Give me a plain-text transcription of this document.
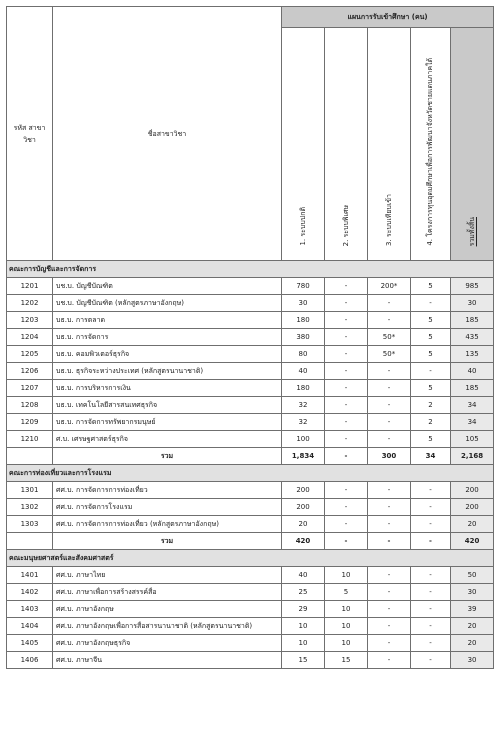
รหัส สาขา วิชา	ชื่อสาขาวิชา	แผนการรับเข้าศึกษา (คน)				
		1. ระบบปกติ	2. ระบบพิเศษ	3. ระบบเทียบเข้า	4. โครงการทุนอุดมศึกษาเพื่อการพัฒนาจังหวัดชายแดนภาคใต้	รวมทั้งสิ้น
คณะการบัญชีและการจัดการ						
1201	บช.บ. บัญชีบัณฑิต	780	-	200*	5	985
1202	บช.บ. บัญชีบัณฑิต (หลักสูตรภาษาอังกฤษ)	30	-	-	-	30
1203	บธ.บ. การตลาด	180	-	-	5	185
1204	บธ.บ. การจัดการ	380	-	50*	5	435
1205	บธ.บ. คอมพิวเตอร์ธุรกิจ	80	-	50*	5	135
1206	บธ.บ. ธุรกิจระหว่างประเทศ (หลักสูตรนานาชาติ)	40	-	-	-	40
1207	บธ.บ. การบริหารการเงิน	180	-	-	5	185
1208	บธ.บ. เทคโนโลยีสารสนเทศธุรกิจ	32	-	-	2	34
1209	บธ.บ. การจัดการทรัพยากรมนุษย์	32	-	-	2	34
1210	ศ.บ. เศรษฐศาสตร์ธุรกิจ	100	-	-	5	105
	รวม	1,834	-	300	34	2,168
คณะการท่องเที่ยวและการโรงแรม						
1301	ศศ.บ. การจัดการการท่องเที่ยว	200	-	-	-	200
1302	ศศ.บ. การจัดการโรงแรม	200	-	-	-	200
1303	ศศ.บ. การจัดการการท่องเที่ยว (หลักสูตรภาษาอังกฤษ)	20	-	-	-	20
	รวม	420	-	-	-	420
คณะมนุษยศาสตร์และสังคมศาสตร์						
1401	ศศ.บ. ภาษาไทย	40	10	-	-	50
1402	ศศ.บ. ภาษาเพื่อการสร้างสรรค์สื่อ	25	5	-	-	30
1403	ศศ.บ. ภาษาอังกฤษ	29	10	-	-	39
1404	ศศ.บ. ภาษาอังกฤษเพื่อการสื่อสารนานาชาติ (หลักสูตรนานาชาติ)	10	10	-	-	20
1405	ศศ.บ. ภาษาอังกฤษธุรกิจ	10	10	-	-	20
1406	ศศ.บ. ภาษาจีน	15	15	-	-	30
